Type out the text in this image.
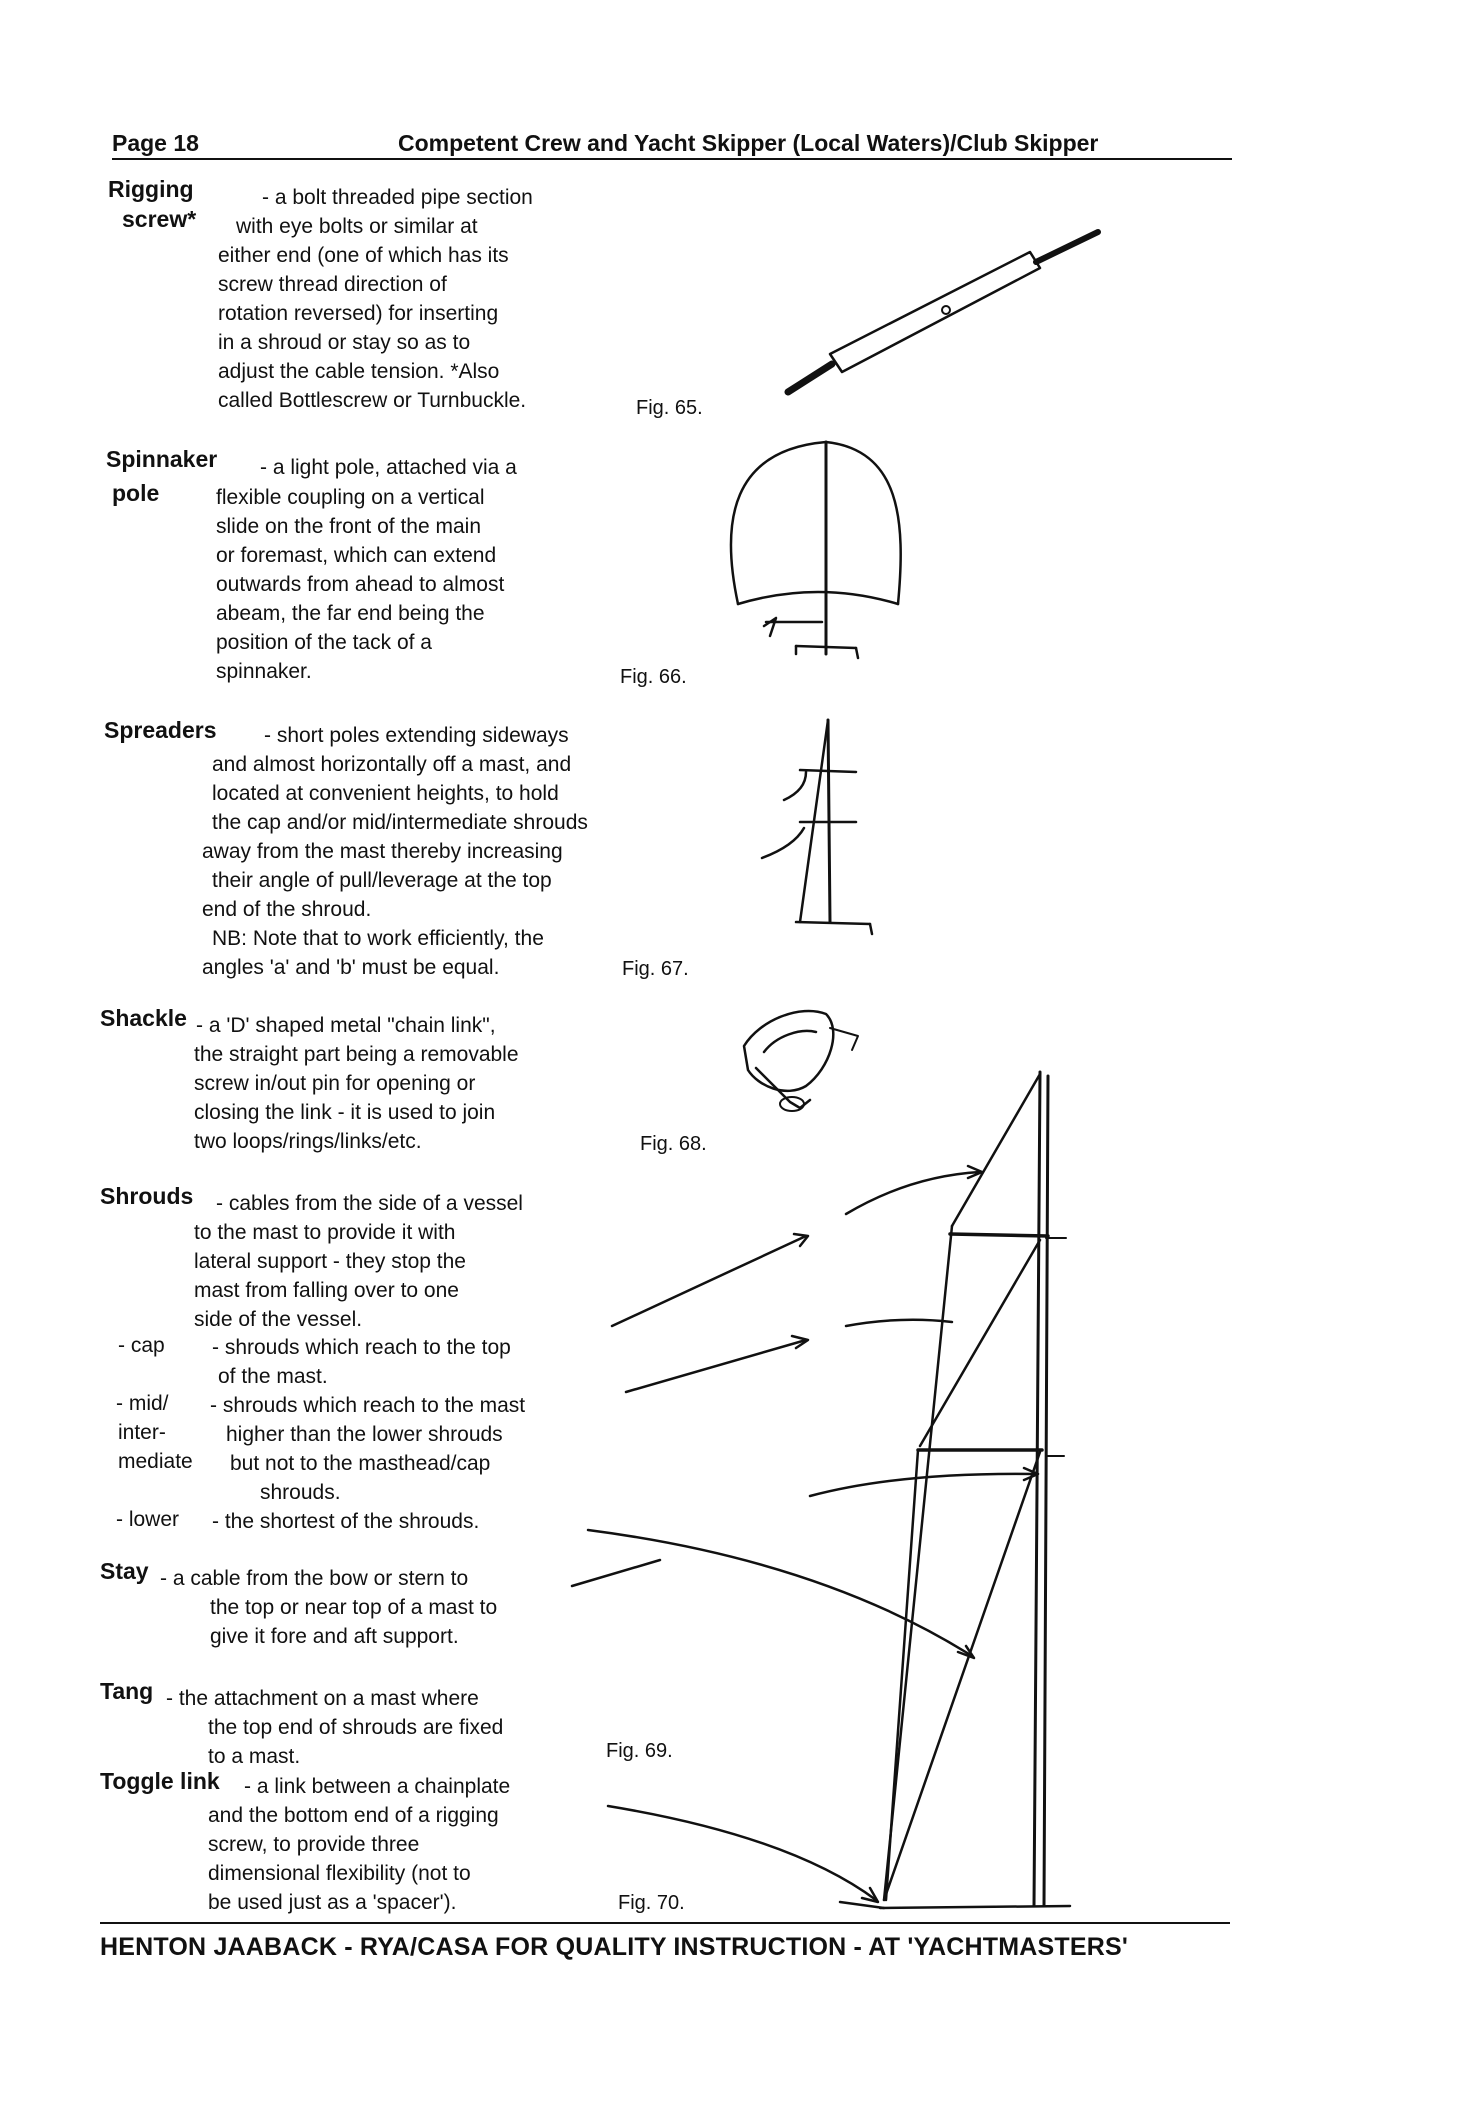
Page 18	Competent Crew and Yacht Skipper (Local Waters)/Club Skipper
Rigging
screw*
- a bolt threaded pipe section
with eye bolts or similar at
either end (one of which has its
screw thread direction of
rotation reversed) for inserting
in a shroud or stay so as to
adjust the cable tension. *Also
called Bottlescrew or Turnbuckle.	Fig. 65.
Spinnaker
pole
- a light pole, attached via a
flexible coupling on a vertical
slide on the front of the main
or foremast, which can extend
outwards from ahead to almost
abeam, the far end being the
position of the tack of a
spinnaker.	Fig. 66.
Spreaders - short poles extending sideways
and almost horizontally off a mast, and
located at convenient heights, to hold
the cap and/or mid/intermediate shrouds
away from the mast thereby increasing
their angle of pull/leverage at the top
end of the shroud.
NB: Note that to work efficiently, the
angles 'a' and 'b' must be equal.	Fig. 67.
Shackle - a 'D' shaped metal "chain link",
the straight part being a removable
screw in/out pin for opening or
closing the link - it is used to join
two loops/rings/links/etc.	Fig. 68.
Shrouds - cables from the side of a vessel
to the mast to provide it with
lateral support - they stop the
mast from falling over to one
side of the vessel.
- cap - shrouds which reach to the top
of the mast.
- mid/
inter-
mediate
- shrouds which reach to the mast
higher than the lower shrouds
but not to the masthead/cap
shrouds.
- lower - the shortest of the shrouds.
Stay - a cable from the bow or stern to
the top or near top of a mast to
give it fore and aft support.
Tang - the attachment on a mast where
the top end of shrouds are fixed
to a mast.	Fig. 69.
Toggle link - a link between a chainplate
and the bottom end of a rigging
screw, to provide three
dimensional flexibility (not to
be used just as a 'spacer').	Fig. 70.
HENTON JAABACK - RYA/CASA FOR QUALITY INSTRUCTION - AT 'YACHTMASTERS'
